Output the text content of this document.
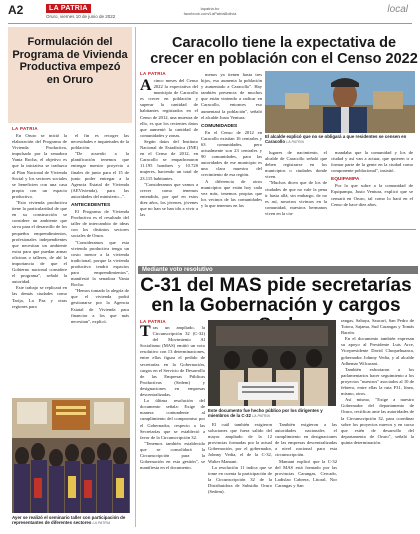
A2	LA PATRIA
Oruro, viernes 10 de junio de 2022
lapatria.bo
facebook.com/LaPatriaBolivia	local
Formulación del Programa de Vivienda Productiva empezó en Oruro
LA PATRIA

En Oruro se inició la elaboración del Programa de Vivienda Productiva, impulsado por la senadora Vania Rocha, el objetivo es que la iniciativa se traduzca al Plan Nacional de Vivienda Social y los sectores sociales se beneficien con una casa propia con un espacio productivo.

"Esta vivienda productiva tiene la particularidad de que en su construcción se considere un ambiente que sirva para el desarrollo de los pequeños emprendimientos, profesionales independientes que necesitan un ambiente extra para que puedan armar oficinas o talleres, de ahí la importancia de que el Gobierno nacional considere el programa", señaló la autoridad.

Este trabajo se replicará en las demás ciudades como Tarija, La Paz y otras regiones para

el fin es recoger las necesidades e inquietudes de la población.

"De acuerdo a la planificación tenemos que entregar nuestro proyecto a finales de junio para el 15 de junio poder entregar a la Agencia Estatal de Vivienda (AEVivienda), para las autoridades del ministerio...".

ANTECEDENTES

El Programa de Vivienda Productiva es el resultado del taller de intercambio de ideas con los distintos sectores sociales de Oruro.

"Consideramos que esta vivienda productiva tenga un costo menor a la vivienda tradicional, porque la vivienda productiva tendrá espacios para emprendimientos", manifestó la senadora Vania Rocha.

"Hemos tomado la alegría de que el vivienda podrá gestionarse por la Agencia Estatal de Vivienda para financiar a los que más necesitan", explicó.

Ayer se realizó el seminario taller con participación de representantes de diferentes sectores LA PATRIA
Caracollo tiene la expectativa de crecer en población con el Censo 2022
LA PATRIA
A cinco meses del Censo 2022 la expectativa del municipio de Caracollo es crecer en población y superar la cantidad de habitantes registrados en el Censo de 2012, una muestra de ello, es que los recientes datos que aumentó la cantidad de comunidades y zonas.

Según datos del Instituto Nacional de Estadística (INE) en el Censo de 2012, en Caracollo se empadronaron 11.195 hombres y 10.720 mujeres, haciendo un total de 23.115 habitantes.

"Consideramos que vamos a crecer como tenemos entendido, por qué en estos diez años, los jóvenes, jóvenes que no han se han ido a vivir a las

menos ya tienen hasta tres hijos, eso aumenta la población y aumentado a Caracollo". Hay también presencia de muchos que están viniendo a radicar en Caracollo, entonces eso aumentará la población", señaló el alcalde Justo Ventura.

COMUNIDADES

En el Censo de 2012 en Caracollo existían 16 centrales y 63 comunidades, pero actualmente son 23 centrales y 90 comunidades, para las autoridades de ese municipio es una clara muestra del crecimiento de esa región.

A diferencia de otros municipios que están hoy cada vez más, tenemos propias que los vecinos de las comunidades y la que tenemos en las

lugares de nacimiento, el alcalde de Caracollo señaló que deben registrarse en los municipios o ciudades donde viven.

"Muchos dicen que de los de ciudades de que no vale la pena ir hasta allá, sin embargo, de no es así, nosotros vivimos en la comunidad, nuestros hermanos viven en la ciu-

mandaba que la comunidad y los de ciudad y así van a actuar, que quieren ir a formar parte de la gente en la ciudad como componente poblacional", insistió.

EQUIPAMPA

Por lo que sobre a la comunidad de Equipampa, Justo Ventura, explicó que se censará en Oruro, tal como lo hará en el Censo de hace diez años.

El alcalde explicó que no se obligará a que residentes se censen en Caracollo LA PATRIA
Mediante voto resolutivo
C-31 del MAS pide secretarías en la Gobernación y cargos
LA PATRIA
T ras un ampliado, la Circunscripción 32 (C-32) del Movimiento Al Socialismo (MAS) emitió un voto resolutivo con 13 determinaciones, entre ellas figura el pedido de secretarías en la Gobernación, cargos en el Servicio de Desarrollo de las Empresas Públicas Productivas (Sedem) y designaciones en empresas descentralizadas.

La última resolución del documento señala: Exige de manera contundente al cumplimiento del compromiso por el Gobernador, respecto a las Secretarías que se estableció a favor de la Circunscripción 32.

"Tenemos también establecido que se consolidará la Circunscripción para la Gobernación en esta gestión", se manifiesta en el documento.

Este documento fue hecho público por los dirigentes y miembros de la C-32 LA PATRIA

El cuál también exigieron soluciones que fuera salido del mayor ampliado de la 12 provincias formadas por la actual Gobernación, por el gobernador, Johnny Vedia, el de la C-32, Walter Mamani.

La resolución 11 indica que se tome en cuenta la participación de la Circunscripción 32 de la Distribuidora de Subsidio Oruro (Sedem).

También exigieron a las autoridades nacionales el cumplimiento en designaciones de las empresas descentralizadas a nivel nacional para esta circunscripción.

Mamani explicó que la C-32 del MAS está formado por las provincias Carangas, Cercado, Ladislao Cabrera, Litoral, Nor Carangas y San

rangas, Sabaya, Saucarí, San Pedro de Totora, Sajama, Sud Carangas y Tomás Barrón.

En el documento también expresan su apoyo al Presidente Luis Arce, Vicepresidente David Choquehuanca, gobernador Johnny Vedia, y al alcalde Adhemar Wilcarani.

También exhortaron a los parlamentarios hacer seguimiento a los proyectos "nuestros" asociados al 10 de febrero, entre ellas la ruta F31, línea, mismo, otros.

Así mismo, "Exige a nuestro Gobernador del departamento de Oruro, rectificar ante las autoridades de la Circunscripción 32, para coordinar sobre los proyectos nuevos y en curso que estén de desarrollo del departamento de Oruro", señaló la quinta determinación.
